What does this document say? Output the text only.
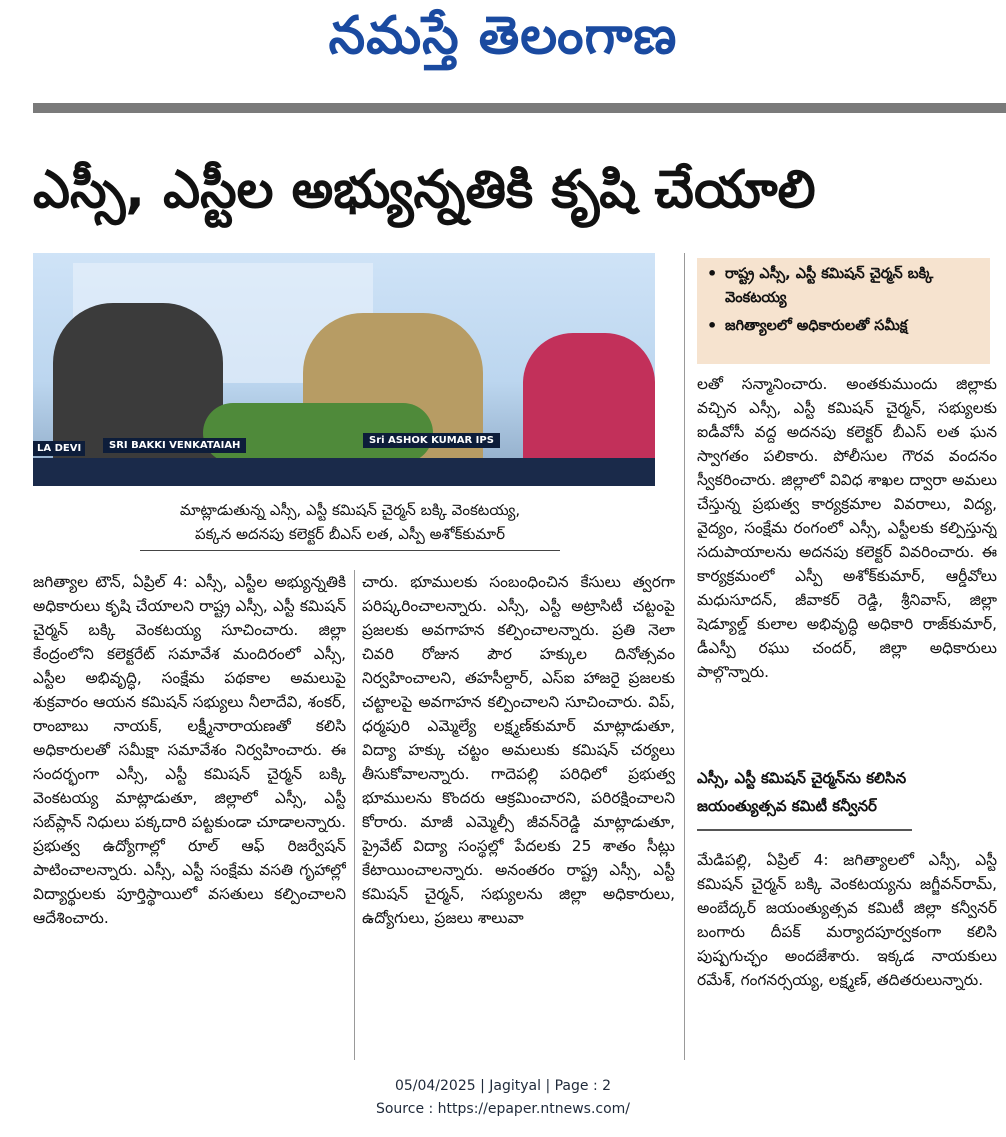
నమస్తే తెలంగాణ
ఎస్సీ, ఎస్టీల అభ్యున్నతికి కృషి చేయాలి
LA DEVI	SRI BAKKI VENKATAIAH	Sri ASHOK KUMAR IPS
మాట్లాడుతున్న ఎస్సీ, ఎస్టీ కమిషన్ చైర్మన్ బక్కి వెంకటయ్య,
పక్కన అదనపు కలెక్టర్ బీఎస్ లత, ఎస్పీ అశోక్‌కుమార్

జగిత్యాల టౌన్, ఏప్రిల్ 4: ఎస్సీ, ఎస్టీల అభ్యున్నతికి అధికారులు కృషి చేయాలని రాష్ట్ర ఎస్సీ, ఎస్టీ కమిషన్ చైర్మన్ బక్కి వెంకటయ్య సూచించారు. జిల్లా కేంద్రంలోని కలెక్టరేట్ సమావేశ మందిరంలో ఎస్సీ, ఎస్టీల అభివృద్ధి, సంక్షేమ పథకాల అమలుపై శుక్రవారం ఆయన కమిషన్ సభ్యులు నీలాదేవి, శంకర్, రాంబాబు నాయక్, లక్ష్మీనారాయణతో కలిసి అధికారులతో సమీక్షా సమావేశం నిర్వహించారు. ఈ సందర్భంగా ఎస్సీ, ఎస్టీ కమిషన్ చైర్మన్ బక్కి వెంకటయ్య మాట్లాడుతూ, జిల్లాలో ఎస్సీ, ఎస్టీ సబ్‌ప్లాన్ నిధులు పక్కదారి పట్టకుండా చూడాలన్నారు. ప్రభుత్వ ఉద్యోగాల్లో రూల్ ఆఫ్ రిజర్వేషన్ పాటించాలన్నారు. ఎస్సీ, ఎస్టీ సంక్షేమ వసతి గృహాల్లో విద్యార్థులకు పూర్తిస్థాయిలో వసతులు కల్పించాలని ఆదేశించారు.

చారు. భూములకు సంబంధించిన కేసులు త్వరగా పరిష్కరించాలన్నారు. ఎస్సీ, ఎస్టీ అట్రాసిటీ చట్టంపై ప్రజలకు అవగాహన కల్పించాలన్నారు. ప్రతి నెలా చివరి రోజున పౌర హక్కుల దినోత్సవం నిర్వహించాలని, తహసీల్దార్, ఎస్ఐ హాజరై ప్రజలకు చట్టాలపై అవగాహన కల్పించాలని సూచించారు. విప్, ధర్మపురి ఎమ్మెల్యే లక్ష్మణ్‌కుమార్ మాట్లాడుతూ, విద్యా హక్కు చట్టం అమలుకు కమిషన్ చర్యలు తీసుకోవాలన్నారు. గాదెపల్లి పరిధిలో ప్రభుత్వ భూములను కొందరు ఆక్రమించారని, పరిరక్షించాలని కోరారు. మాజీ ఎమ్మెల్సీ జీవన్‌రెడ్డి మాట్లాడుతూ, ప్రైవేట్ విద్యా సంస్థల్లో పేదలకు 25 శాతం సీట్లు కేటాయించాలన్నారు. అనంతరం రాష్ట్ర ఎస్సీ, ఎస్టీ కమిషన్ చైర్మన్, సభ్యులను జిల్లా అధికారులు, ఉద్యోగులు, ప్రజలు శాలువా

• రాష్ట్ర ఎస్సీ, ఎస్టీ కమిషన్ చైర్మన్ బక్కి వెంకటయ్య
• జగిత్యాలలో అధికారులతో సమీక్ష

లతో సన్మానించారు. అంతకుముందు జిల్లాకు వచ్చిన ఎస్సీ, ఎస్టీ కమిషన్ చైర్మన్, సభ్యులకు ఐడీవోసీ వద్ద అదనపు కలెక్టర్ బీఎస్ లత ఘన స్వాగతం పలికారు. పోలీసుల గౌరవ వందనం స్వీకరించారు. జిల్లాలో వివిధ శాఖల ద్వారా అమలు చేస్తున్న ప్రభుత్వ కార్యక్రమాల వివరాలు, విద్య, వైద్యం, సంక్షేమ రంగంలో ఎస్సీ, ఎస్టీలకు కల్పిస్తున్న సదుపాయాలను అదనపు కలెక్టర్ వివరించారు. ఈ కార్యక్రమంలో ఎస్పీ అశోక్‌కుమార్, ఆర్డీవోలు మధుసూదన్, జీవాకర్ రెడ్డి, శ్రీనివాస్, జిల్లా షెడ్యూల్డ్ కులాల అభివృద్ధి అధికారి రాజ్‌కుమార్, డీఎస్పీ రఘు చందర్, జిల్లా అధికారులు పాల్గొన్నారు.

ఎస్సీ, ఎస్టీ కమిషన్ చైర్మన్‌ను కలిసిన జయంత్యుత్సవ కమిటీ కన్వీనర్

మేడిపల్లి, ఏప్రిల్ 4: జగిత్యాలలో ఎస్సీ, ఎస్టీ కమిషన్ చైర్మన్ బక్కి వెంకటయ్యను జగ్జీవన్‌రామ్, అంబేద్కర్ జయంత్యుత్సవ కమిటీ జిల్లా కన్వీనర్ బంగారు దీపక్ మర్యాదపూర్వకంగా కలిసి పుష్పగుచ్ఛం అందజేశారు. ఇక్కడ నాయకులు రమేశ్, గంగనర్సయ్య, లక్ష్మణ్, తదితరులున్నారు.

05/04/2025 | Jagityal | Page : 2
Source : https://epaper.ntnews.com/
